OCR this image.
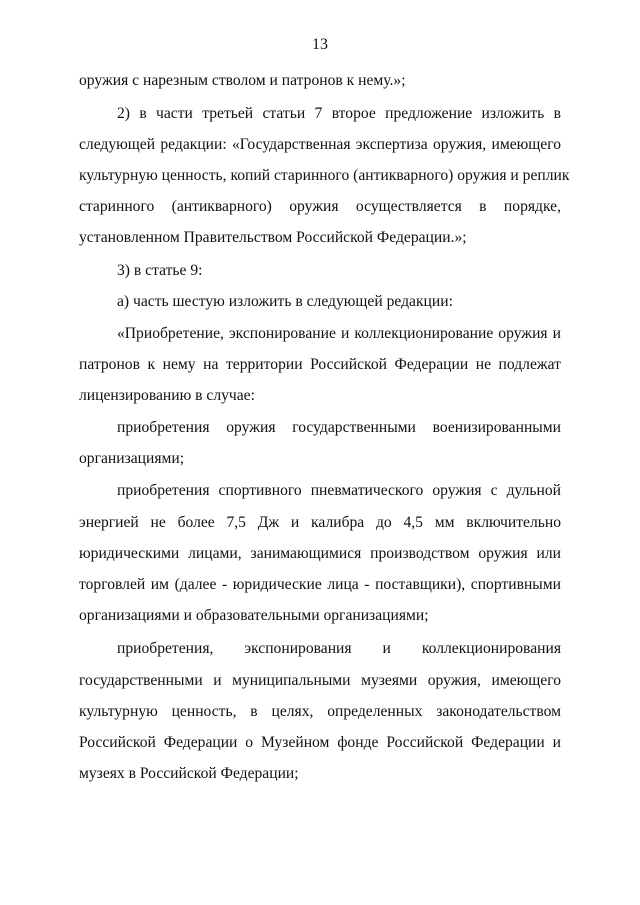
13
оружия с нарезным стволом и патронов к нему.»;
2) в части третьей статьи 7 второе предложение изложить в
следующей редакции: «Государственная экспертиза оружия, имеющего
культурную ценность, копий старинного (антикварного) оружия и реплик
старинного (антикварного) оружия осуществляется в порядке,
установленном Правительством Российской Федерации.»;
3) в статье 9:
а) часть шестую изложить в следующей редакции:
«Приобретение, экспонирование и коллекционирование оружия и
патронов к нему на территории Российской Федерации не подлежат
лицензированию в случае:
приобретения оружия государственными военизированными
организациями;
приобретения спортивного пневматического оружия с дульной
энергией не более 7,5 Дж и калибра до 4,5 мм включительно
юридическими лицами, занимающимися производством оружия или
торговлей им (далее - юридические лица - поставщики), спортивными
организациями и образовательными организациями;
приобретения, экспонирования и коллекционирования
государственными и муниципальными музеями оружия, имеющего
культурную ценность, в целях, определенных законодательством
Российской Федерации о Музейном фонде Российской Федерации и
музеях в Российской Федерации;
